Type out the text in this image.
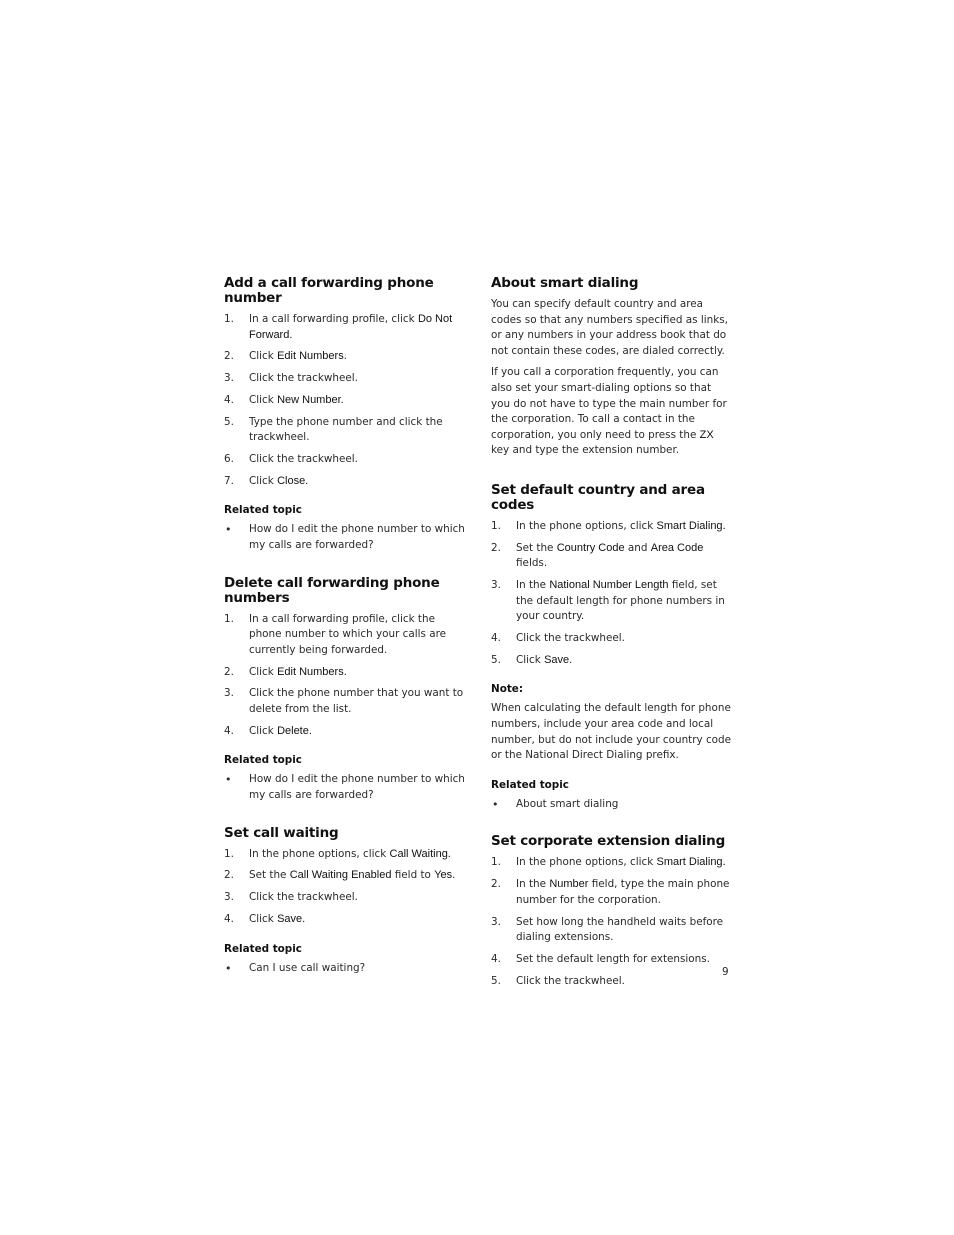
Add a call forwarding phone number
1. In a call forwarding profile, click Do Not Forward.
2. Click Edit Numbers.
3. Click the trackwheel.
4. Click New Number.
5. Type the phone number and click the trackwheel.
6. Click the trackwheel.
7. Click Close.
Related topic
• How do I edit the phone number to which my calls are forwarded?
Delete call forwarding phone numbers
1. In a call forwarding profile, click the phone number to which your calls are currently being forwarded.
2. Click Edit Numbers.
3. Click the phone number that you want to delete from the list.
4. Click Delete.
Related topic
• How do I edit the phone number to which my calls are forwarded?
Set call waiting
1. In the phone options, click Call Waiting.
2. Set the Call Waiting Enabled field to Yes.
3. Click the trackwheel.
4. Click Save.
Related topic
• Can I use call waiting?
About smart dialing

You can specify default country and area codes so that any numbers specified as links, or any numbers in your address book that do not contain these codes, are dialed correctly.

If you call a corporation frequently, you can also set your smart-dialing options so that you do not have to type the main number for the corporation. To call a contact in the corporation, you only need to press the ZX key and type the extension number.

Set default country and area codes
1. In the phone options, click Smart Dialing.
2. Set the Country Code and Area Code fields.
3. In the National Number Length field, set the default length for phone numbers in your country.
4. Click the trackwheel.
5. Click Save.
Note:

When calculating the default length for phone numbers, include your area code and local number, but do not include your country code or the National Direct Dialing prefix.

Related topic
• About smart dialing
Set corporate extension dialing
1. In the phone options, click Smart Dialing.
2. In the Number field, type the main phone number for the corporation.
3. Set how long the handheld waits before dialing extensions.
4. Set the default length for extensions.
5. Click the trackwheel.
9
